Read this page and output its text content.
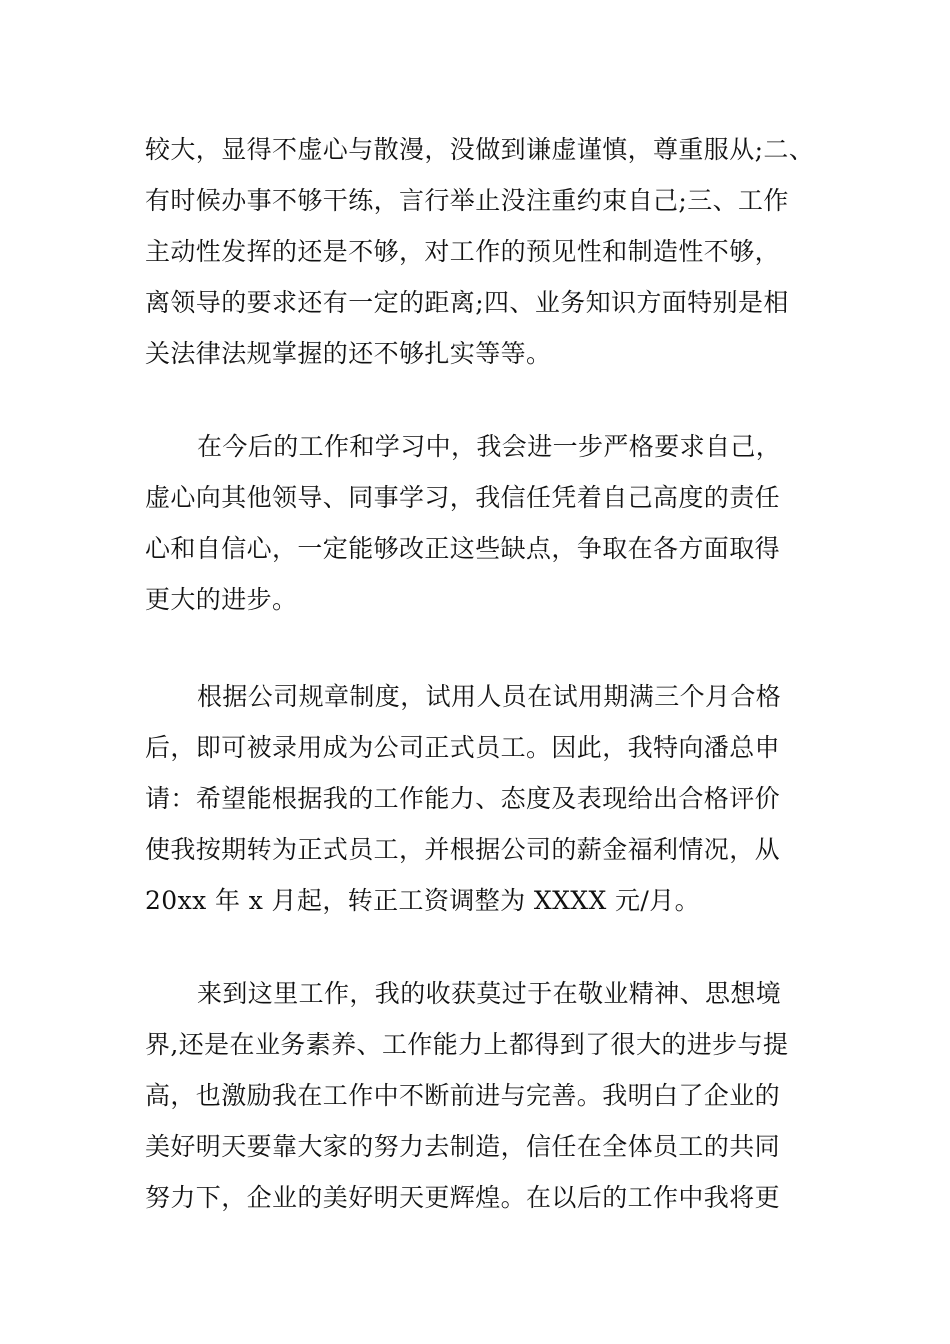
较大，显得不虚心与散漫，没做到谦虚谨慎，尊重服从;二、
有时候办事不够干练，言行举止没注重约束自己;三、工作
主动性发挥的还是不够，对工作的预见性和制造性不够，
离领导的要求还有一定的距离;四、业务知识方面特别是相
关法律法规掌握的还不够扎实等等。
在今后的工作和学习中，我会进一步严格要求自己，
虚心向其他领导、同事学习，我信任凭着自己高度的责任
心和自信心，一定能够改正这些缺点，争取在各方面取得
更大的进步。
根据公司规章制度，试用人员在试用期满三个月合格
后，即可被录用成为公司正式员工。因此，我特向潘总申
请：希望能根据我的工作能力、态度及表现给出合格评价
使我按期转为正式员工，并根据公司的薪金福利情况，从
20xx 年 x 月起，转正工资调整为 XXXX 元/月。
来到这里工作，我的收获莫过于在敬业精神、思想境
界,还是在业务素养、工作能力上都得到了很大的进步与提
高，也激励我在工作中不断前进与完善。我明白了企业的
美好明天要靠大家的努力去制造，信任在全体员工的共同
努力下，企业的美好明天更辉煌。在以后的工作中我将更
